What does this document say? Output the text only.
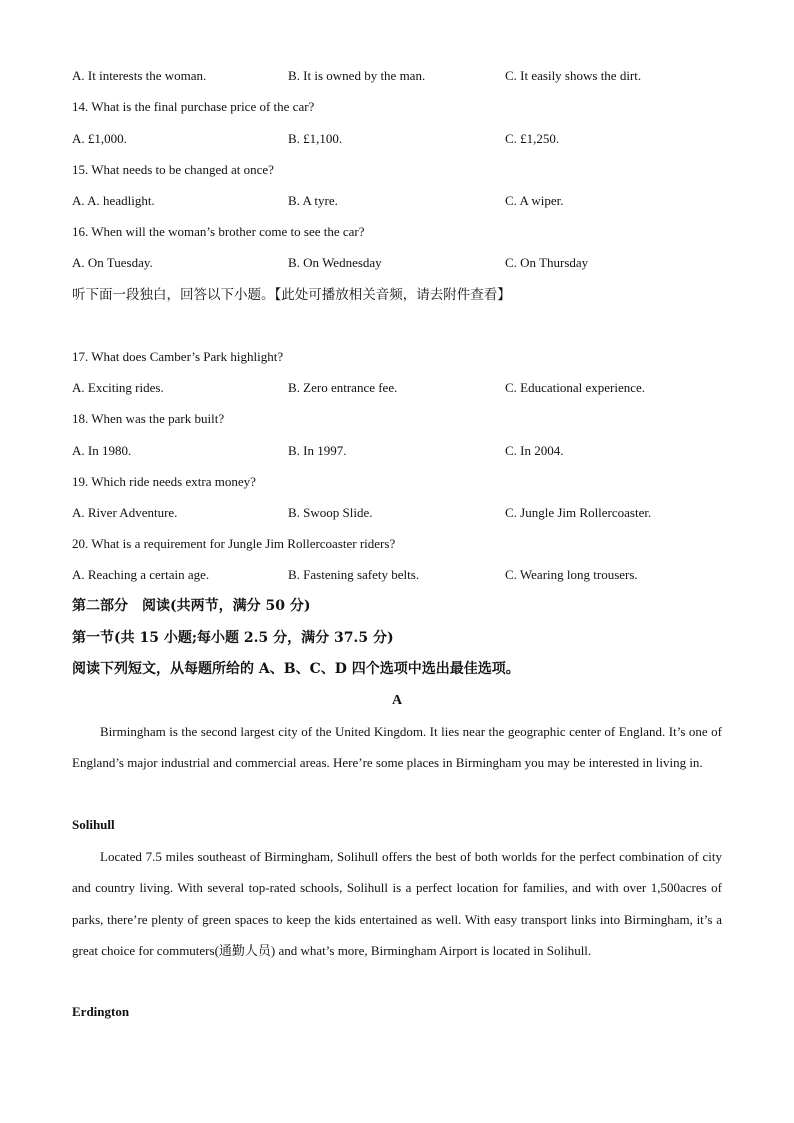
A. It interests the woman.	B. It is owned by the man.	C. It easily shows the dirt.
14. What is the final purchase price of the car?
A. £1,000.	B. £1,100.	C. £1,250.
15. What needs to be changed at once?
A. A. headlight.	B. A tyre.	C. A wiper.
16. When will the woman’s brother come to see the car?
A. On Tuesday.	B. On Wednesday	C. On Thursday
听下面一段独白，回答以下小题。【此处可播放相关音频，请去附件查看】
17. What does Camber’s Park highlight?
A. Exciting rides.	B. Zero entrance fee.	C. Educational experience.
18. When was the park built?
A. In 1980.	B. In 1997.	C. In 2004.
19. Which ride needs extra money?
A. River Adventure.	B. Swoop Slide.	C. Jungle Jim Rollercoaster.
20. What is a requirement for Jungle Jim Rollercoaster riders?
A. Reaching a certain age.	B. Fastening safety belts.	C. Wearing long trousers.
第二部分　阅读(共两节，满分 50 分)
第一节(共 15 小题;每小题 2.5 分，满分 37.5 分)
阅读下列短文，从每题所给的 A、B、C、D 四个选项中选出最佳选项。
A
Birmingham is the second largest city of the United Kingdom. It lies near the geographic center of England. It’s one of England’s major industrial and commercial areas. Here’re some places in Birmingham you may be interested in living in.
Solihull
Located 7.5 miles southeast of Birmingham, Solihull offers the best of both worlds for the perfect combination of city and country living. With several top-rated schools, Solihull is a perfect location for families, and with over 1,500acres of parks, there’re plenty of green spaces to keep the kids entertained as well. With easy transport links into Birmingham, it’s a great choice for commuters(通勤人员) and what’s more, Birmingham Airport is located in Solihull.
Erdington
